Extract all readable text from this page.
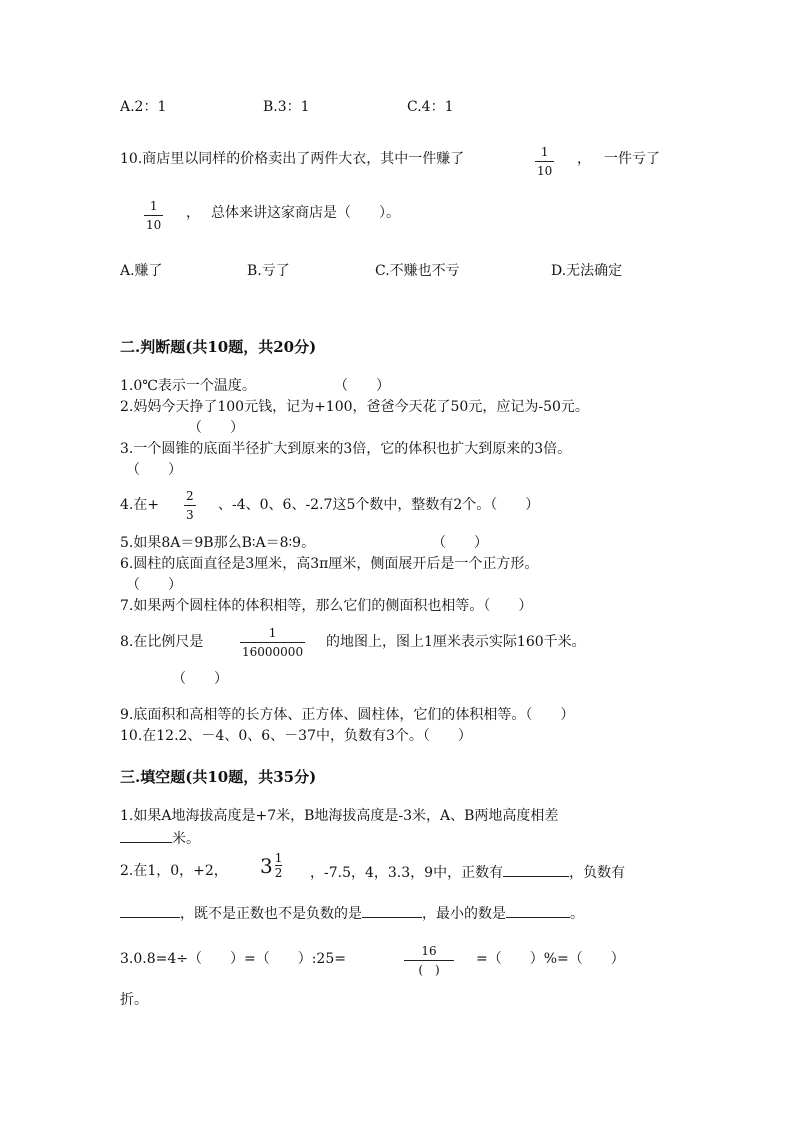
A.2：1	B.3：1	C.4：1
10.商店里以同样的价格卖出了两件大衣，其中一件赚了	1
10
， 一件亏了
1
10
， 总体来讲这家商店是（　　）。
A.赚了	B.亏了	C.不赚也不亏	D.无法确定
二.判断题(共10题，共20分)
1.0℃表示一个温度。	（　　）
2.妈妈今天挣了100元钱，记为+100，爸爸今天花了50元，应记为-50元。
（　　）
3.一个圆锥的底面半径扩大到原来的3倍，它的体积也扩大到原来的3倍。
（　　）
4.在+
2
3
、-4、0、6、-2.7这5个数中，整数有2个。（　　）
5.如果8A＝9B那么B∶A＝8∶9。	（　　）
6.圆柱的底面直径是3厘米，高3π厘米，侧面展开后是一个正方形。
（　　）
7.如果两个圆柱体的体积相等，那么它们的侧面积也相等。（　　）
8.在比例尺是
1
16000000
的地图上，图上1厘米表示实际160千米。
（　　）
9.底面积和高相等的长方体、正方体、圆柱体，它们的体积相等。（　　）
10.在12.2、－4、0、6、－37中，负数有3个。（　　）
三.填空题(共10题，共35分)
1.如果A地海拔高度是+7米，B地海拔高度是-3米，A、B两地高度相差
米。
2.在1，0，+2， 3 1
2 ，-7.5，4，3.3，9中，正数有	，负数有
，既不是正数也不是负数的是	，最小的数是	。
3.0.8=4÷（　　）=（　　）:25=	16
(　)
=（　　）%=（　　）
折。
